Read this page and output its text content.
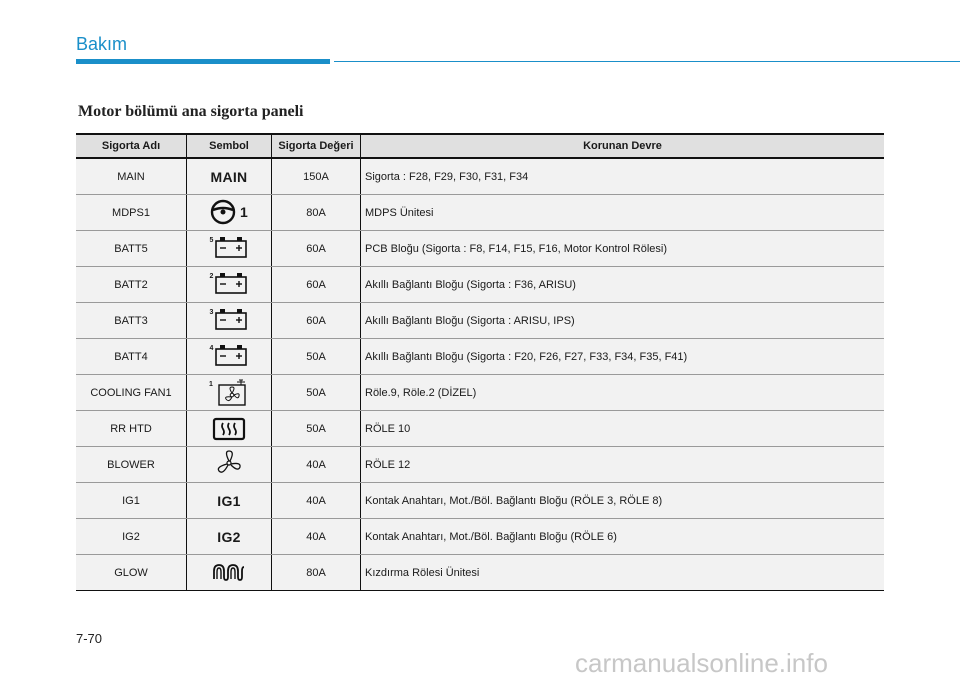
Bakım
Motor bölümü ana sigorta paneli
Sigorta Adı	Sembol	Sigorta Değeri	Korunan Devre
MAIN	MAIN	150A	Sigorta : F28, F29, F30, F31, F34
MDPS1	1	80A	MDPS Ünitesi
BATT5	5	60A	PCB Bloğu (Sigorta : F8, F14, F15, F16, Motor Kontrol Rölesi)
BATT2	2	60A	Akıllı Bağlantı Bloğu (Sigorta : F36, ARISU)
BATT3	3	60A	Akıllı Bağlantı Bloğu (Sigorta : ARISU, IPS)
BATT4	4	50A	Akıllı Bağlantı Bloğu (Sigorta : F20, F26, F27, F33, F34, F35, F41)
COOLING FAN1	1	50A	Röle.9, Röle.2 (DİZEL)
RR HTD		50A	RÖLE 10
BLOWER		40A	RÖLE 12
IG1	IG1	40A	Kontak Anahtarı, Mot./Böl. Bağlantı Bloğu (RÖLE 3, RÖLE 8)
IG2	IG2	40A	Kontak Anahtarı, Mot./Böl. Bağlantı Bloğu (RÖLE 6)
GLOW		80A	Kızdırma Rölesi Ünitesi
7-70
carmanualsonline.info
